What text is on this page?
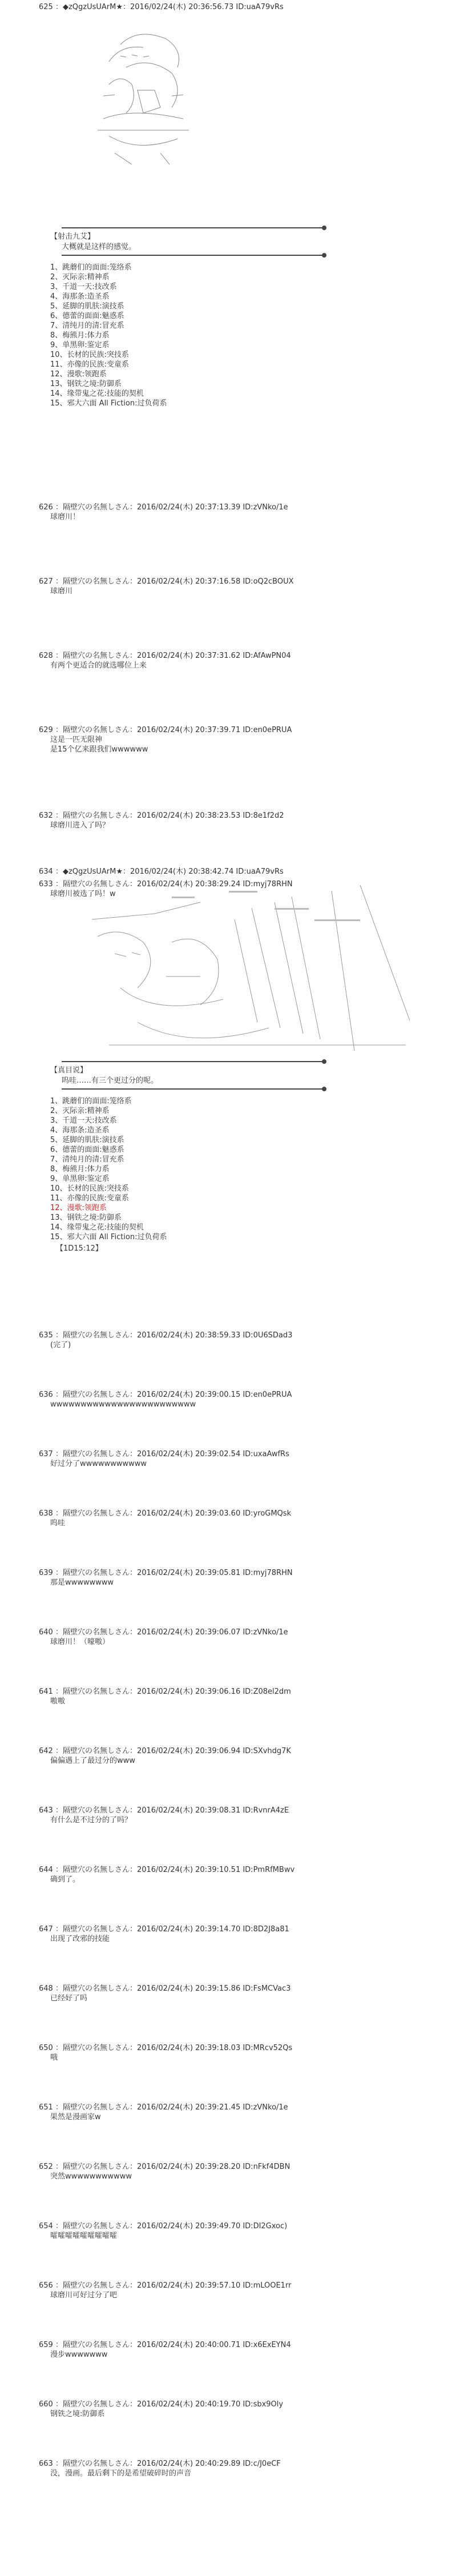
625 ：◆zQgzUsUArM★：2016/02/24(木) 20:36:56.73 ID:uaA79vRs

【射击九艾】
大概就是这样的感觉。
1、跳蘑们的面面:笼络系
2、灭际亲:精神系
3、千道一天:技改系
4、海那条:造圣系
5、延脚的肌肤:演技系
6、德蕾的面面:魅惑系
7、清纯月的清:冒充系
8、梅熊月:体力系
9、单黑卵:鉴定系
10、长材的民族:突技系
11、亦像的民族:变童系
12、漫歌:领跑系
13、钢铁之境:防御系
14、缘带鬼之花:技能的契机
15、邪大六面 All Fiction:过负荷系
626 ：隔壁穴の名無しさん：2016/02/24(木) 20:37:13.39 ID:zVNko/1e
球磨川！
627 ：隔壁穴の名無しさん：2016/02/24(木) 20:37:16.58 ID:oQ2cBOUX
球磨川
628 ：隔壁穴の名無しさん：2016/02/24(木) 20:37:31.62 ID:AfAwPN04
有两个更适合的就选哪位上来
629 ：隔壁穴の名無しさん：2016/02/24(木) 20:37:39.71 ID:en0ePRUA
这是一匹无限神
是15个亿来跟我们wwwwww
632 ：隔壁穴の名無しさん：2016/02/24(木) 20:38:23.53 ID:8e1f2d2
球磨川进入了吗？
633 ：隔壁穴の名無しさん：2016/02/24(木) 20:38:29.24 ID:myj78RHN
球磨川被选了吗！w
634 ：◆zQgzUsUArM★：2016/02/24(木) 20:38:42.74 ID:uaA79vRs

【真目说】
呜哇……有三个更过分的呢。
1、跳蘑们的面面:笼络系
2、灭际亲:精神系
3、千道一天:技改系
4、海那条:造圣系
5、延脚的肌肤:演技系
6、德蕾的面面:魅惑系
7、清纯月的清:冒充系
8、梅熊月:体力系
9、单黑卵:鉴定系
10、长材的民族:突技系
11、亦像的民族:变童系
12、漫歌:领跑系
13、钢铁之境:防御系
14、缘带鬼之花:技能的契机
15、邪大六面 All Fiction:过负荷系
【1D15:12】
635 ：隔壁穴の名無しさん：2016/02/24(木) 20:38:59.33 ID:0U6SDad3
(完了)
636 ：隔壁穴の名無しさん：2016/02/24(木) 20:39:00.15 ID:en0ePRUA
wwwwwwwwwwwwwwwwwwwwwwww
637 ：隔壁穴の名無しさん：2016/02/24(木) 20:39:02.54 ID:uxaAwfRs
好过分了wwwwwwwwwww
638 ：隔壁穴の名無しさん：2016/02/24(木) 20:39:03.60 ID:yroGMQsk
呜哇
639 ：隔壁穴の名無しさん：2016/02/24(木) 20:39:05.81 ID:myj78RHN
那是wwwwwwww
640 ：隔壁穴の名無しさん：2016/02/24(木) 20:39:06.07 ID:zVNko/1e
球磨川！（嚎嗷）
641 ：隔壁穴の名無しさん：2016/02/24(木) 20:39:06.16 ID:Z08el2dm
嗷嗷
642 ：隔壁穴の名無しさん：2016/02/24(木) 20:39:06.94 ID:SXvhdg7K
偏偏遇上了最过分的www
643 ：隔壁穴の名無しさん：2016/02/24(木) 20:39:08.31 ID:RvnrA4zE
有什么是不过分的了吗？
644 ：隔壁穴の名無しさん：2016/02/24(木) 20:39:10.51 ID:PmRfMBwv
确到了。
647 ：隔壁穴の名無しさん：2016/02/24(木) 20:39:14.70 ID:8D2J8a81
出现了改邪的技能
648 ：隔壁穴の名無しさん：2016/02/24(木) 20:39:15.86 ID:FsMCVac3
已经好了吗
650 ：隔壁穴の名無しさん：2016/02/24(木) 20:39:18.03 ID:MRcv52Qs
哦
651 ：隔壁穴の名無しさん：2016/02/24(木) 20:39:21.45 ID:zVNko/1e
果然是漫画家w
652 ：隔壁穴の名無しさん：2016/02/24(木) 20:39:28.20 ID:nFkf4DBN
突然wwwwwwwwwww
654 ：隔壁穴の名無しさん：2016/02/24(木) 20:39:49.70 ID:DI2Gxoc)
嚯嚯嚯嚯嚯嚯嚯嚯嚯
656 ：隔壁穴の名無しさん：2016/02/24(木) 20:39:57.10 ID:mLOOE1rr
球磨川可好过分了吧
659 ：隔壁穴の名無しさん：2016/02/24(木) 20:40:00.71 ID:x6ExEYN4
漫步wwwwwww
660 ：隔壁穴の名無しさん：2016/02/24(木) 20:40:19.70 ID:sbx9Oly
钢铁之境:防御系
663 ：隔壁穴の名無しさん：2016/02/24(木) 20:40:29.89 ID:c/J0eCF
没，漫画。最后剩下的是希望破碎时的声音
